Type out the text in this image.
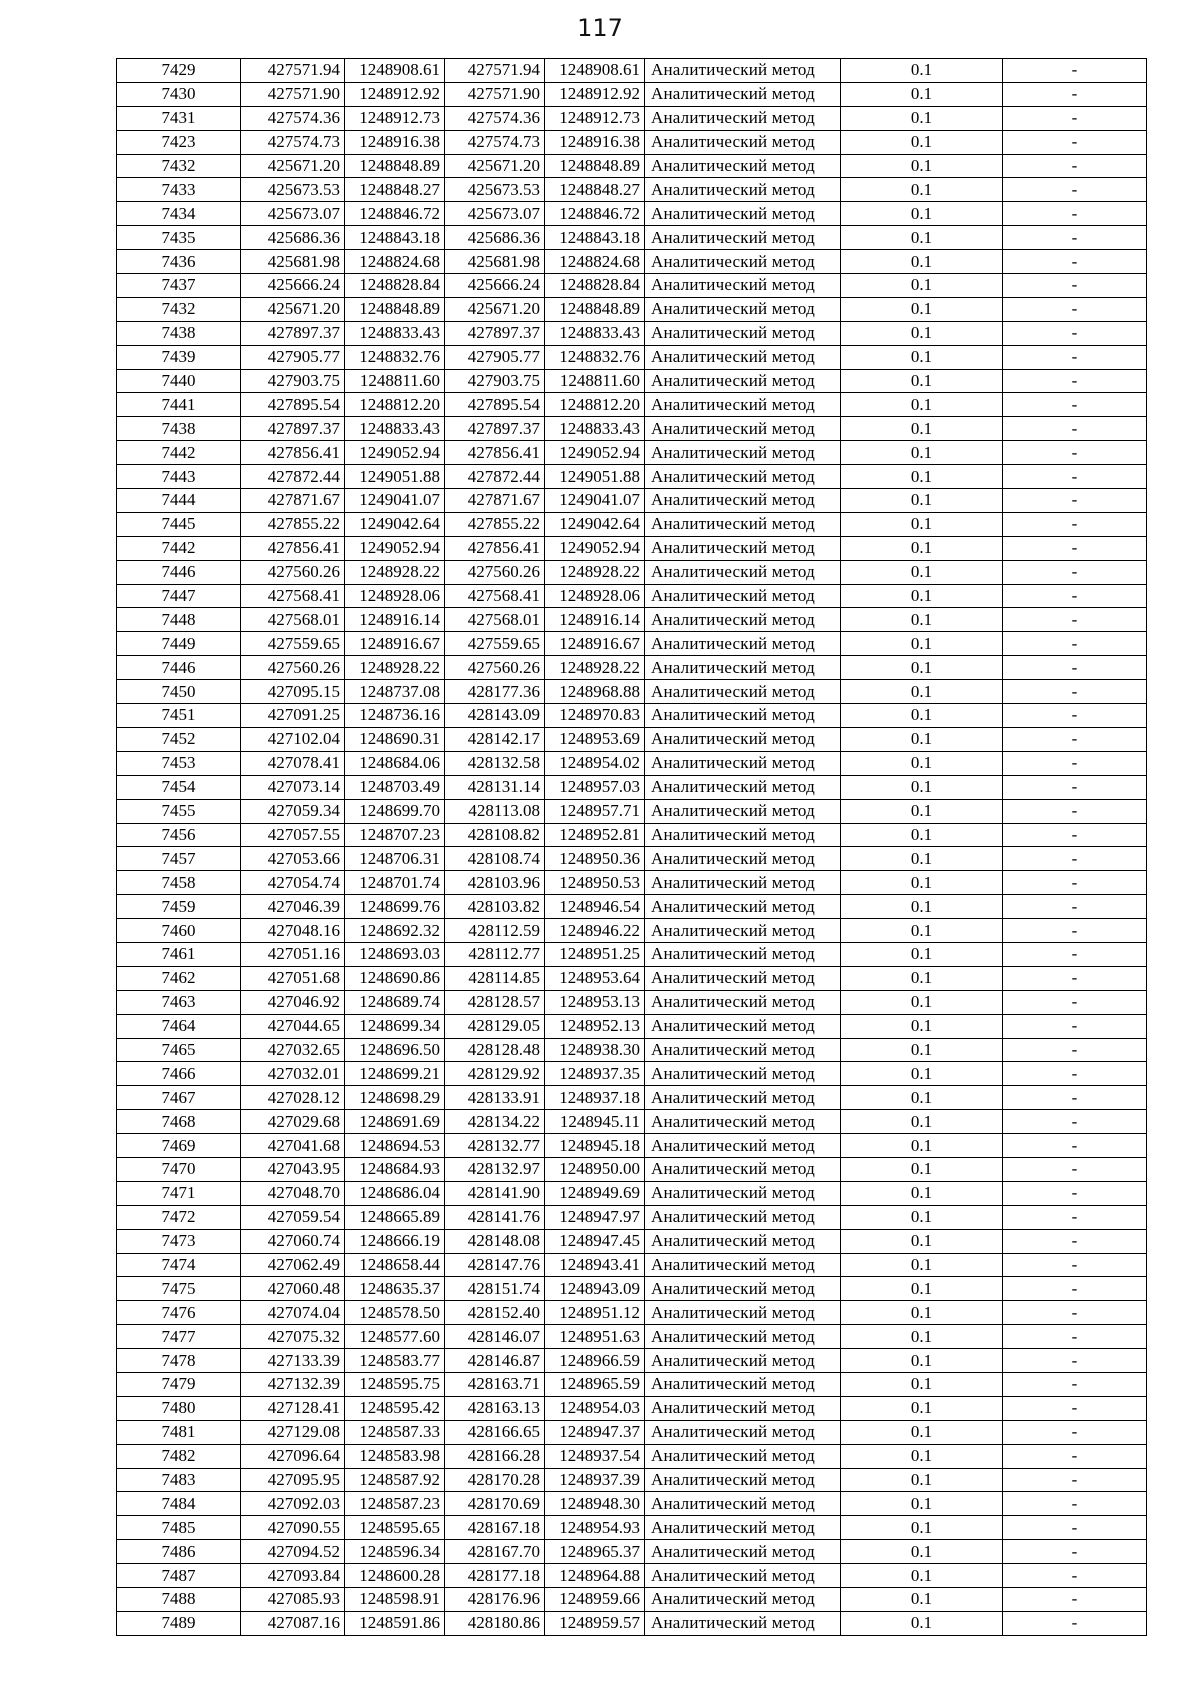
117
7429	427571.94	1248908.61	427571.94	1248908.61	Аналитический метод	0.1	-
7430	427571.90	1248912.92	427571.90	1248912.92	Аналитический метод	0.1	-
7431	427574.36	1248912.73	427574.36	1248912.73	Аналитический метод	0.1	-
7423	427574.73	1248916.38	427574.73	1248916.38	Аналитический метод	0.1	-
7432	425671.20	1248848.89	425671.20	1248848.89	Аналитический метод	0.1	-
7433	425673.53	1248848.27	425673.53	1248848.27	Аналитический метод	0.1	-
7434	425673.07	1248846.72	425673.07	1248846.72	Аналитический метод	0.1	-
7435	425686.36	1248843.18	425686.36	1248843.18	Аналитический метод	0.1	-
7436	425681.98	1248824.68	425681.98	1248824.68	Аналитический метод	0.1	-
7437	425666.24	1248828.84	425666.24	1248828.84	Аналитический метод	0.1	-
7432	425671.20	1248848.89	425671.20	1248848.89	Аналитический метод	0.1	-
7438	427897.37	1248833.43	427897.37	1248833.43	Аналитический метод	0.1	-
7439	427905.77	1248832.76	427905.77	1248832.76	Аналитический метод	0.1	-
7440	427903.75	1248811.60	427903.75	1248811.60	Аналитический метод	0.1	-
7441	427895.54	1248812.20	427895.54	1248812.20	Аналитический метод	0.1	-
7438	427897.37	1248833.43	427897.37	1248833.43	Аналитический метод	0.1	-
7442	427856.41	1249052.94	427856.41	1249052.94	Аналитический метод	0.1	-
7443	427872.44	1249051.88	427872.44	1249051.88	Аналитический метод	0.1	-
7444	427871.67	1249041.07	427871.67	1249041.07	Аналитический метод	0.1	-
7445	427855.22	1249042.64	427855.22	1249042.64	Аналитический метод	0.1	-
7442	427856.41	1249052.94	427856.41	1249052.94	Аналитический метод	0.1	-
7446	427560.26	1248928.22	427560.26	1248928.22	Аналитический метод	0.1	-
7447	427568.41	1248928.06	427568.41	1248928.06	Аналитический метод	0.1	-
7448	427568.01	1248916.14	427568.01	1248916.14	Аналитический метод	0.1	-
7449	427559.65	1248916.67	427559.65	1248916.67	Аналитический метод	0.1	-
7446	427560.26	1248928.22	427560.26	1248928.22	Аналитический метод	0.1	-
7450	427095.15	1248737.08	428177.36	1248968.88	Аналитический метод	0.1	-
7451	427091.25	1248736.16	428143.09	1248970.83	Аналитический метод	0.1	-
7452	427102.04	1248690.31	428142.17	1248953.69	Аналитический метод	0.1	-
7453	427078.41	1248684.06	428132.58	1248954.02	Аналитический метод	0.1	-
7454	427073.14	1248703.49	428131.14	1248957.03	Аналитический метод	0.1	-
7455	427059.34	1248699.70	428113.08	1248957.71	Аналитический метод	0.1	-
7456	427057.55	1248707.23	428108.82	1248952.81	Аналитический метод	0.1	-
7457	427053.66	1248706.31	428108.74	1248950.36	Аналитический метод	0.1	-
7458	427054.74	1248701.74	428103.96	1248950.53	Аналитический метод	0.1	-
7459	427046.39	1248699.76	428103.82	1248946.54	Аналитический метод	0.1	-
7460	427048.16	1248692.32	428112.59	1248946.22	Аналитический метод	0.1	-
7461	427051.16	1248693.03	428112.77	1248951.25	Аналитический метод	0.1	-
7462	427051.68	1248690.86	428114.85	1248953.64	Аналитический метод	0.1	-
7463	427046.92	1248689.74	428128.57	1248953.13	Аналитический метод	0.1	-
7464	427044.65	1248699.34	428129.05	1248952.13	Аналитический метод	0.1	-
7465	427032.65	1248696.50	428128.48	1248938.30	Аналитический метод	0.1	-
7466	427032.01	1248699.21	428129.92	1248937.35	Аналитический метод	0.1	-
7467	427028.12	1248698.29	428133.91	1248937.18	Аналитический метод	0.1	-
7468	427029.68	1248691.69	428134.22	1248945.11	Аналитический метод	0.1	-
7469	427041.68	1248694.53	428132.77	1248945.18	Аналитический метод	0.1	-
7470	427043.95	1248684.93	428132.97	1248950.00	Аналитический метод	0.1	-
7471	427048.70	1248686.04	428141.90	1248949.69	Аналитический метод	0.1	-
7472	427059.54	1248665.89	428141.76	1248947.97	Аналитический метод	0.1	-
7473	427060.74	1248666.19	428148.08	1248947.45	Аналитический метод	0.1	-
7474	427062.49	1248658.44	428147.76	1248943.41	Аналитический метод	0.1	-
7475	427060.48	1248635.37	428151.74	1248943.09	Аналитический метод	0.1	-
7476	427074.04	1248578.50	428152.40	1248951.12	Аналитический метод	0.1	-
7477	427075.32	1248577.60	428146.07	1248951.63	Аналитический метод	0.1	-
7478	427133.39	1248583.77	428146.87	1248966.59	Аналитический метод	0.1	-
7479	427132.39	1248595.75	428163.71	1248965.59	Аналитический метод	0.1	-
7480	427128.41	1248595.42	428163.13	1248954.03	Аналитический метод	0.1	-
7481	427129.08	1248587.33	428166.65	1248947.37	Аналитический метод	0.1	-
7482	427096.64	1248583.98	428166.28	1248937.54	Аналитический метод	0.1	-
7483	427095.95	1248587.92	428170.28	1248937.39	Аналитический метод	0.1	-
7484	427092.03	1248587.23	428170.69	1248948.30	Аналитический метод	0.1	-
7485	427090.55	1248595.65	428167.18	1248954.93	Аналитический метод	0.1	-
7486	427094.52	1248596.34	428167.70	1248965.37	Аналитический метод	0.1	-
7487	427093.84	1248600.28	428177.18	1248964.88	Аналитический метод	0.1	-
7488	427085.93	1248598.91	428176.96	1248959.66	Аналитический метод	0.1	-
7489	427087.16	1248591.86	428180.86	1248959.57	Аналитический метод	0.1	-
